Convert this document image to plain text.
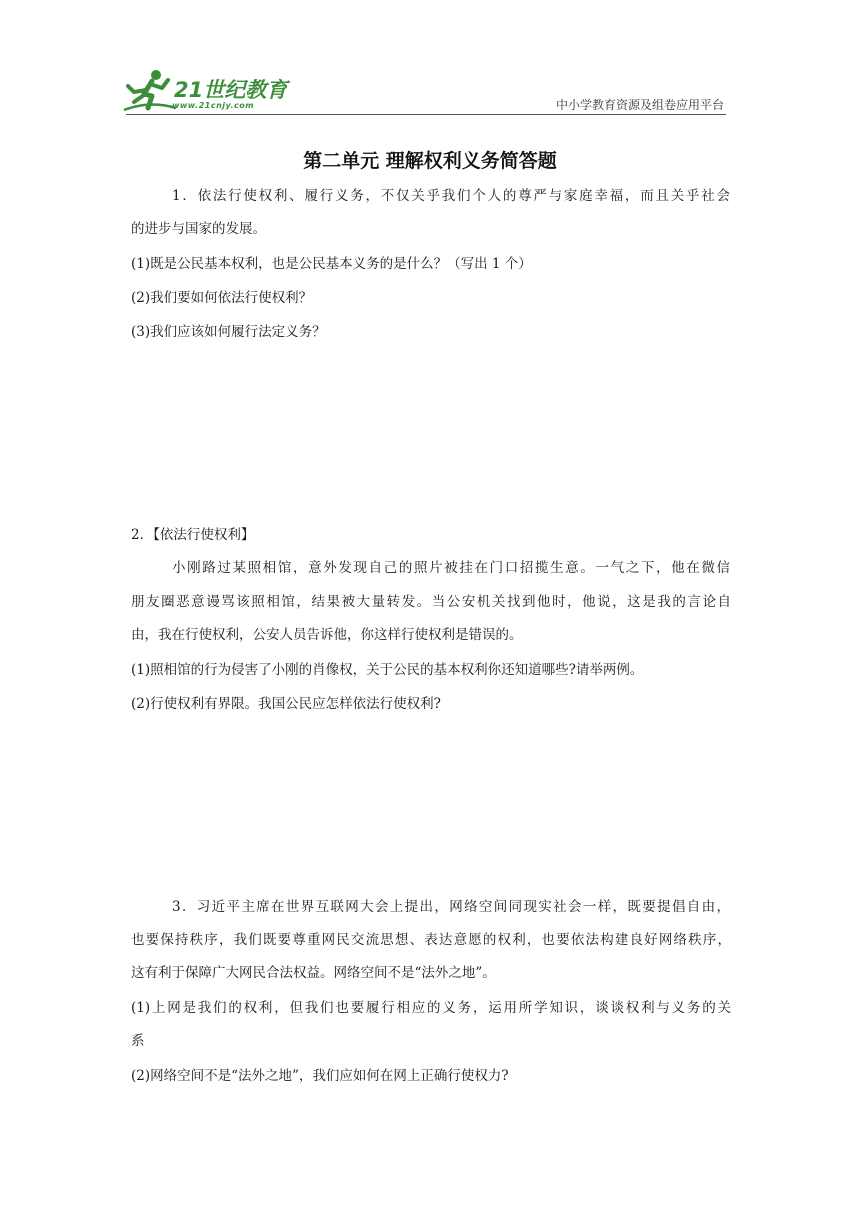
21世纪教育
www.21cnjy.com	中小学教育资源及组卷应用平台
第二单元 理解权利义务简答题
1．依法行使权利、履行义务，不仅关乎我们个人的尊严与家庭幸福，而且关乎社会
的进步与国家的发展。
(1)既是公民基本权利，也是公民基本义务的是什么？（写出 1 个）
(2)我们要如何依法行使权利？
(3)我们应该如何履行法定义务？
2．【依法行使权利】
小刚路过某照相馆，意外发现自己的照片被挂在门口招揽生意。一气之下，他在微信
朋友圈恶意谩骂该照相馆，结果被大量转发。当公安机关找到他时，他说，这是我的言论自
由，我在行使权利，公安人员告诉他，你这样行使权利是错误的。
(1)照相馆的行为侵害了小刚的肖像权，关于公民的基本权利你还知道哪些?请举两例。
(2)行使权利有界限。我国公民应怎样依法行使权利?
3．习近平主席在世界互联网大会上提出，网络空间同现实社会一样，既要提倡自由，
也要保持秩序，我们既要尊重网民交流思想、表达意愿的权利，也要依法构建良好网络秩序，
这有利于保障广大网民合法权益。网络空间不是“法外之地”。
(1)上网是我们的权利，但我们也要履行相应的义务，运用所学知识，谈谈权利与义务的关
系
(2)网络空间不是“法外之地”，我们应如何在网上正确行使权力?
